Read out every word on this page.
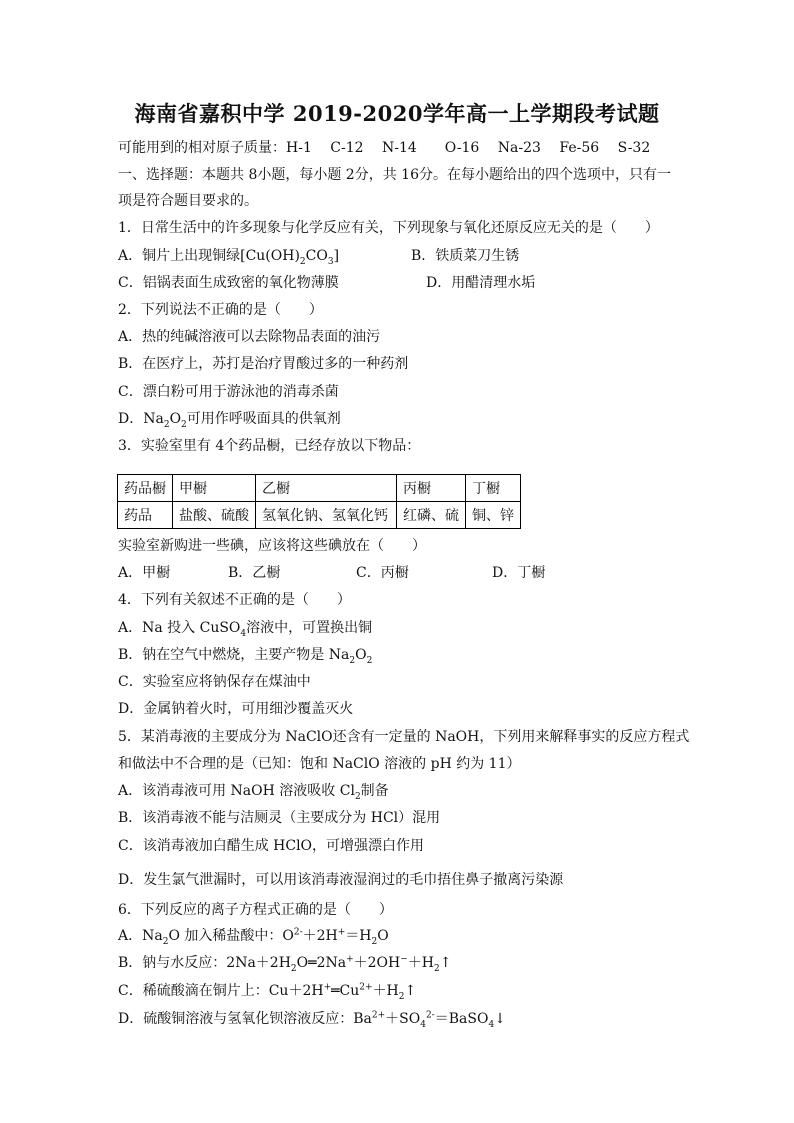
海南省嘉积中学 2019-2020学年高一上学期段考试题
可能用到的相对原子质量：H-1　 C-12　 N-14　　O-16　 Na-23　 Fe-56　 S-32
一、选择题：本题共 8小题，每小题 2分，共 16分。在每小题给出的四个选项中，只有一
项是符合题目要求的。
1．日常生活中的许多现象与化学反应有关，下列现象与氧化还原反应无关的是（　　）
A．铜片上出现铜绿$[Cu(OH)_2CO_3]$	B．铁质菜刀生锈
C．铝锅表面生成致密的氧化物薄膜	D．用醋清理水垢
2．下列说法不正确的是（　　）
A．热的纯碱溶液可以去除物品表面的油污
B．在医疗上，苏打是治疗胃酸过多的一种药剂
C．漂白粉可用于游泳池的消毒杀菌
D．$Na_2O_2$可用作呼吸面具的供氧剂
3．实验室里有 4个药品橱，已经存放以下物品：
药品橱	甲橱	乙橱	丙橱	丁橱
药品	盐酸、硫酸	氢氧化钠、氢氧化钙	红磷、硫	铜、锌
实验室新购进一些碘，应该将这些碘放在（　　）
A．甲橱	B．乙橱	C．丙橱	D．丁橱
4．下列有关叙述不正确的是（　　）
A．Na 投入 CuSO$_4$溶液中，可置换出铜
B．钠在空气中燃烧，主要产物是 $Na_2O_2$
C．实验室应将钠保存在煤油中
D．金属钠着火时，可用细沙覆盖灭火
5．某消毒液的主要成分为 NaClO还含有一定量的 NaOH，下列用来解释事实的反应方程式
和做法中不合理的是（已知：饱和 NaClO 溶液的 pH 约为 11）
A．该消毒液可用 NaOH 溶液吸收 $Cl_2$制备
B．该消毒液不能与洁厕灵（主要成分为 HCl）混用
C．该消毒液加白醋生成 HClO，可增强漂白作用
D．发生氯气泄漏时，可以用该消毒液湿润过的毛巾捂住鼻子撤离污染源
6．下列反应的离子方程式正确的是（　　）
A．$Na_2O$ 加入稀盐酸中：$O^{2-}+2H^+=H_2O$
B．钠与水反应：$2Na+2H_2O═2Na^++2OH^-+H_2↑$
C．稀硫酸滴在铜片上：$Cu+2H^+═Cu^{2+}+H_2↑$
D．硫酸铜溶液与氢氧化钡溶液反应：$Ba^{2+}+SO_4^{2-}=BaSO_4↓$
